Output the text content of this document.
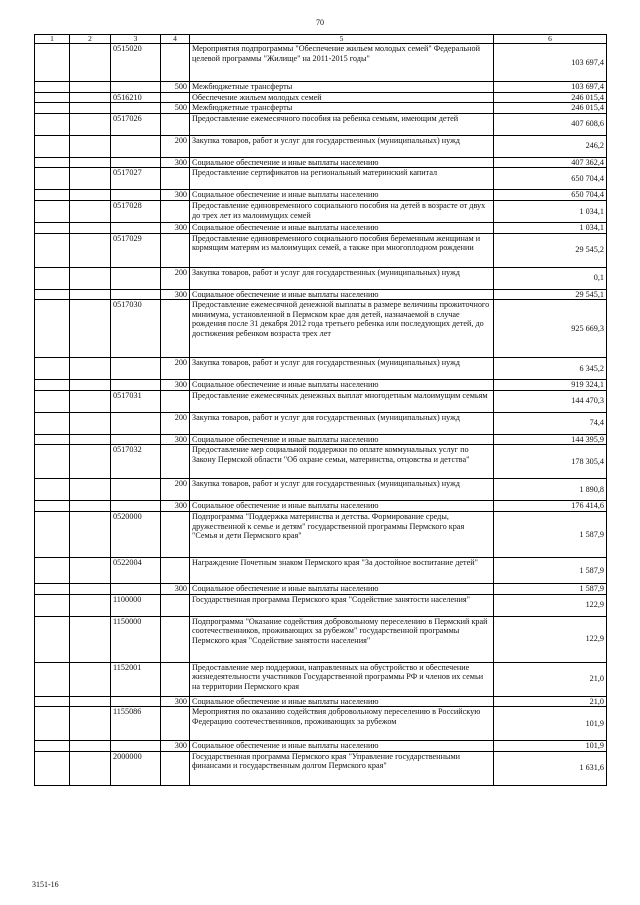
70
1	2	3	4	5	6
		0515020		Мероприятия подпрограммы "Обеспечение жильем молодых семей" Федеральной целевой программы "Жилище" на 2011-2015 годы"	103 697,4
			500	Межбюджетные трансферты	103 697,4
		0516210		Обеспечение жильем молодых семей	246 015,4
			500	Межбюджетные трансферты	246 015,4
		0517026		Предоставление ежемесячного пособия на ребенка семьям, имеющим детей	407 608,6
			200	Закупка товаров, работ и услуг для государственных (муниципальных) нужд	246,2
			300	Социальное обеспечение и иные выплаты населению	407 362,4
		0517027		Предоставление сертификатов на региональный материнский капитал	650 704,4
			300	Социальное обеспечение и иные выплаты населению	650 704,4
		0517028		Предоставление единовременного социального пособия на детей в возрасте от двух до трех лет из малоимущих семей	1 034,1
			300	Социальное обеспечение и иные выплаты населению	1 034,1
		0517029		Предоставление единовременного социального пособия беременным женщинам и кормящим матерям из малоимущих семей, а также при многоплодном рождении	29 545,2
			200	Закупка товаров, работ и услуг для государственных (муниципальных) нужд	0,1
			300	Социальное обеспечение и иные выплаты населению	29 545,1
		0517030		Предоставление ежемесячной денежной выплаты в размере величины прожиточного минимума, установленной в Пермском крае для детей, назначаемой в случае рождения после 31 декабря 2012 года третьего ребенка или последующих детей, до достижения ребенком возраста трех лет	925 669,3
			200	Закупка товаров, работ и услуг для государственных (муниципальных) нужд	6 345,2
			300	Социальное обеспечение и иные выплаты населению	919 324,1
		0517031		Предоставление ежемесячных денежных выплат многодетным малоимущим семьям	144 470,3
			200	Закупка товаров, работ и услуг для государственных (муниципальных) нужд	74,4
			300	Социальное обеспечение и иные выплаты населению	144 395,9
		0517032		Предоставление мер социальной поддержки по оплате коммунальных услуг по Закону Пермской области "Об охране семьи, материнства, отцовства и детства"	178 305,4
			200	Закупка товаров, работ и услуг для государственных (муниципальных) нужд	1 890,8
			300	Социальное обеспечение и иные выплаты населению	176 414,6
		0520000		Подпрограмма "Поддержка материнства и детства. Формирование среды, дружественной к семье и детям" государственной программы Пермского края "Семья и дети Пермского края"	1 587,9
		0522004		Награждение Почетным знаком Пермского края "За достойное воспитание детей"	1 587,9
			300	Социальное обеспечение и иные выплаты населению	1 587,9
		1100000		Государственная программа Пермского края "Содействие занятости населения"	122,9
		1150000		Подпрограмма "Оказание содействия добровольному переселению в Пермский край соотечественников, проживающих за рубежом" государственной программы Пермского края "Содействие занятости населения"	122,9
		1152001		Предоставление мер поддержки, направленных на обустройство и обеспечение жизнедеятельности участников Государственной программы РФ и членов их семьи на территории Пермского края	21,0
			300	Социальное обеспечение и иные выплаты населению	21,0
		1155086		Мероприятия по оказанию содействия добровольному переселению в Российскую Федерацию соотечественников, проживающих за рубежом	101,9
			300	Социальное обеспечение и иные выплаты населению	101,9
		2000000		Государственная программа Пермского края "Управление государственными финансами и государственным долгом Пермского края"	1 631,6
3151-16
